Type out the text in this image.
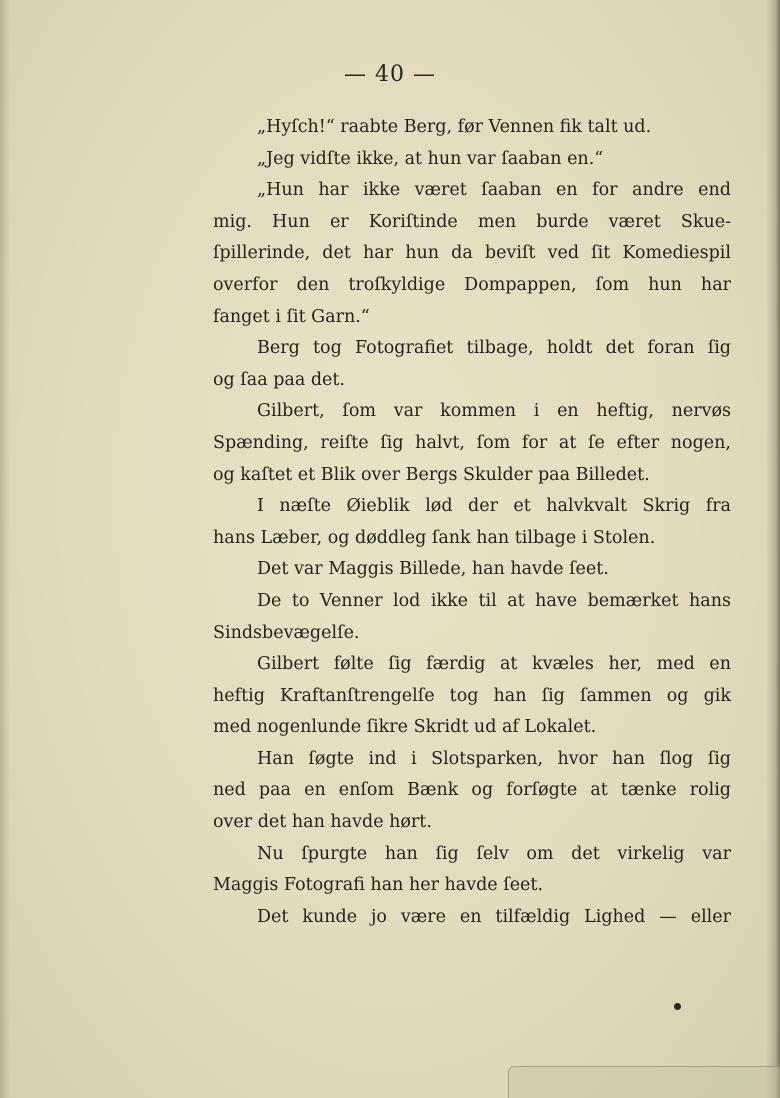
— 40 —
„Hyſch!“ raabte Berg, før Vennen fik talt ud.
„Jeg vidſte ikke, at hun var ſaaban en.“
„Hun har ikke været ſaaban en for andre end
mig. Hun er Koriſtinde men burde været Skue-
ſpillerinde, det har hun da beviſt ved ſit Komediespil
overfor den troſkyldige Dompappen, ſom hun har
fanget i ſit Garn.“
Berg tog Fotografiet tilbage, holdt det foran ſig
og ſaa paa det.
Gilbert, ſom var kommen i en heftig, nervøs
Spænding, reiſte ſig halvt, ſom for at ſe efter nogen,
og kaſtet et Blik over Bergs Skulder paa Billedet.
I næſte Øieblik lød der et halvkvalt Skrig fra
hans Læber, og døddleg ſank han tilbage i Stolen.
Det var Maggis Billede, han havde ſeet.
De to Venner lod ikke til at have bemærket hans
Sindsbevægelſe.
Gilbert følte ſig færdig at kvæles her, med en
heftig Kraftanſtrengelſe tog han ſig ſammen og gik
med nogenlunde ſikre Skridt ud af Lokalet.
Han ſøgte ind i Slotsparken, hvor han ſlog ſig
ned paa en enſom Bænk og forſøgte at tænke rolig
over det han havde hørt.
Nu ſpurgte han ſig ſelv om det virkelig var
Maggis Fotografi han her havde ſeet.
Det kunde jo være en tilfældig Lighed — eller
